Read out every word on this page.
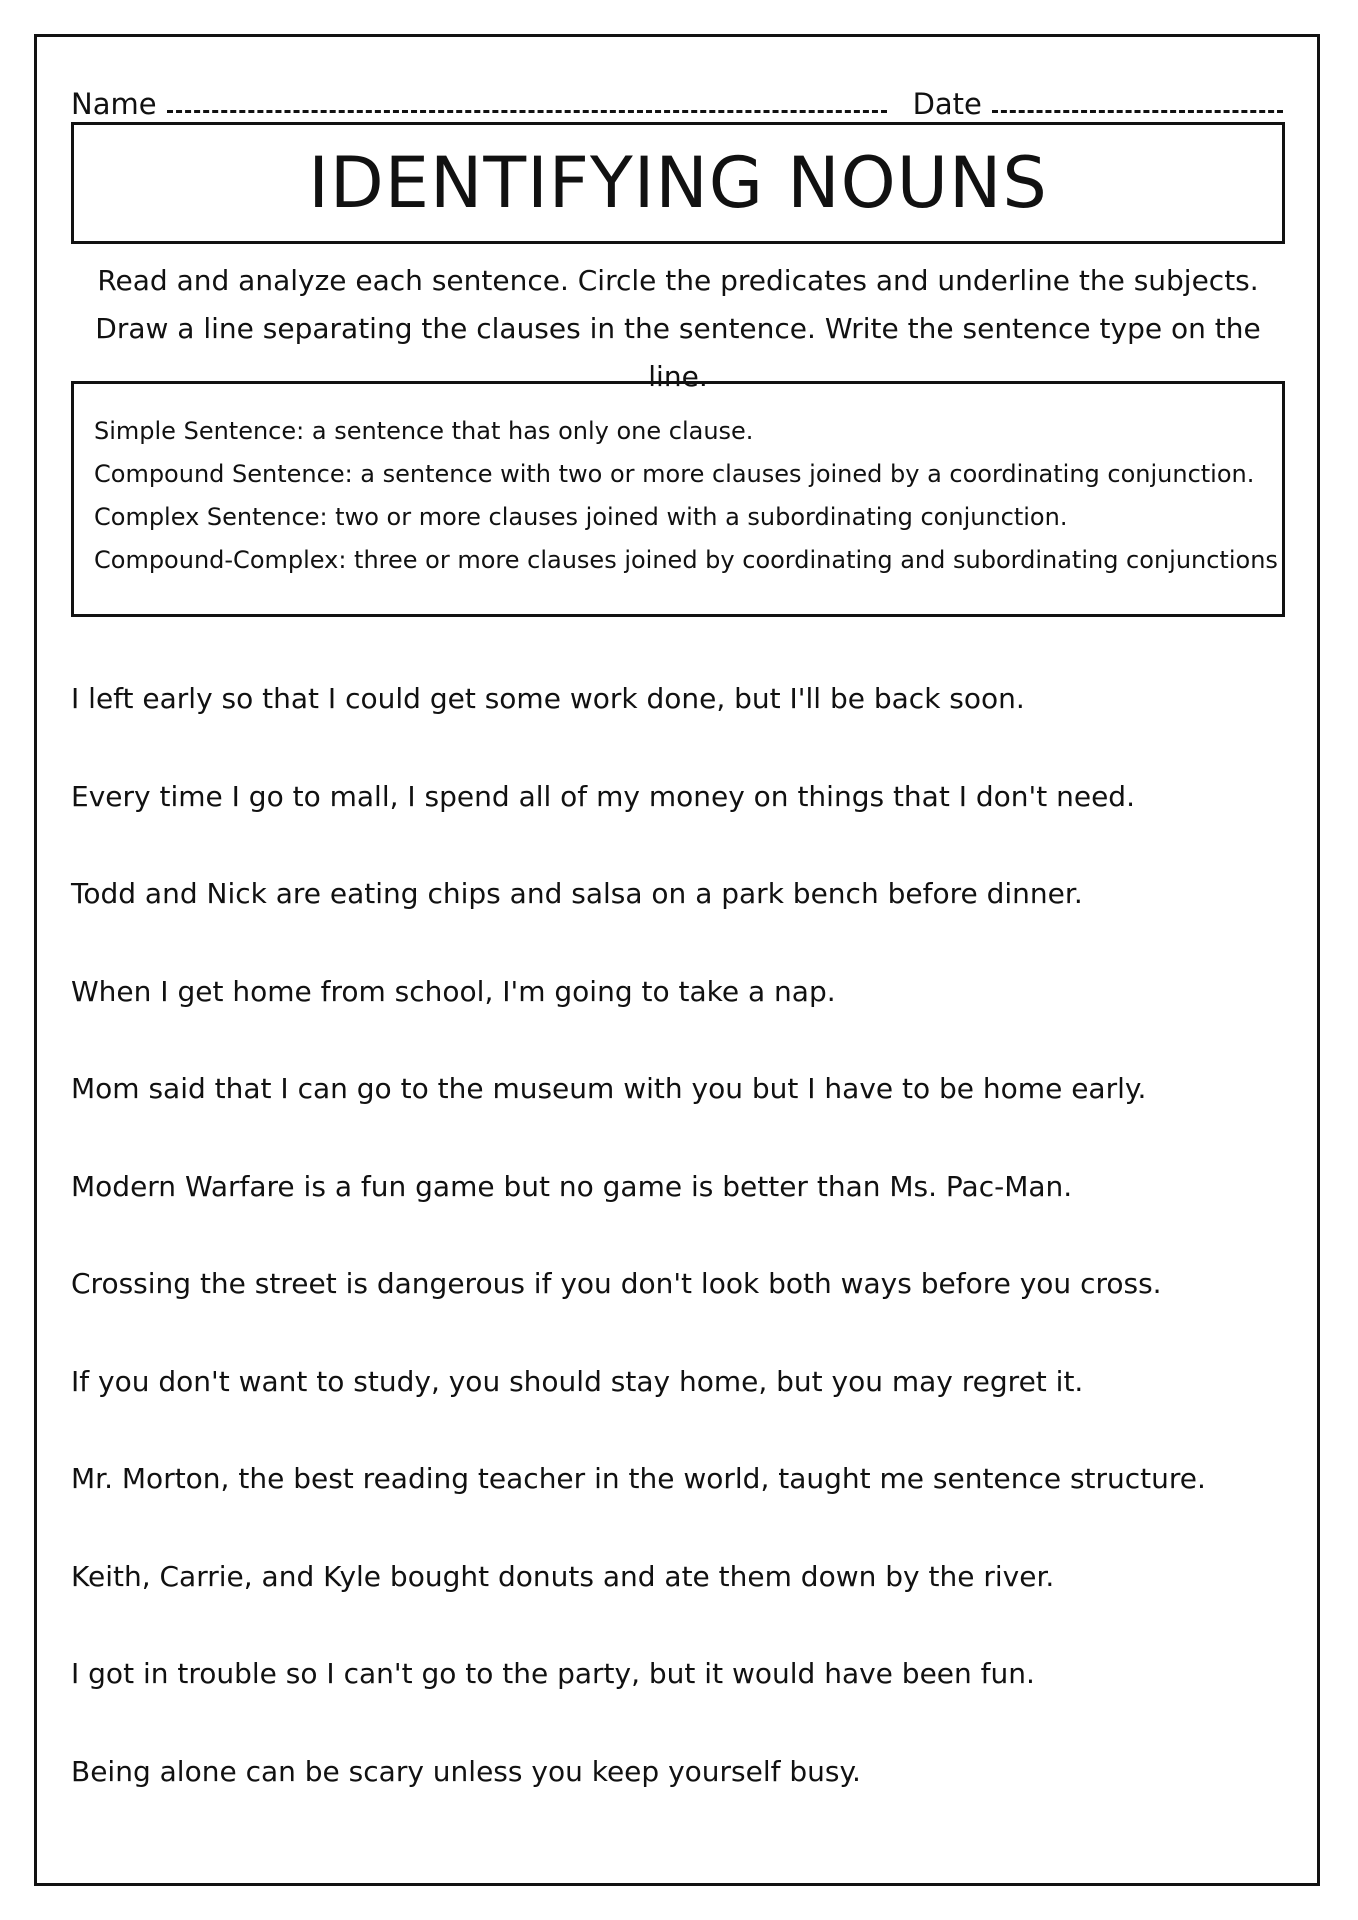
Name	Date
IDENTIFYING NOUNS
Read and analyze each sentence. Circle the predicates and underline the subjects. Draw a line separating the clauses in the sentence. Write the sentence type on the line.
Simple Sentence: a sentence that has only one clause.
Compound Sentence: a sentence with two or more clauses joined by a coordinating conjunction.
Complex Sentence: two or more clauses joined with a subordinating conjunction.
Compound-Complex: three or more clauses joined by coordinating and subordinating conjunctions
I left early so that I could get some work done, but I'll be back soon.
Every time I go to mall, I spend all of my money on things that I don't need.
Todd and Nick are eating chips and salsa on a park bench before dinner.
When I get home from school, I'm going to take a nap.
Mom said that I can go to the museum with you but I have to be home early.
Modern Warfare is a fun game but no game is better than Ms. Pac-Man.
Crossing the street is dangerous if you don't look both ways before you cross.
If you don't want to study, you should stay home, but you may regret it.
Mr. Morton, the best reading teacher in the world, taught me sentence structure.
Keith, Carrie, and Kyle bought donuts and ate them down by the river.
I got in trouble so I can't go to the party, but it would have been fun.
Being alone can be scary unless you keep yourself busy.
